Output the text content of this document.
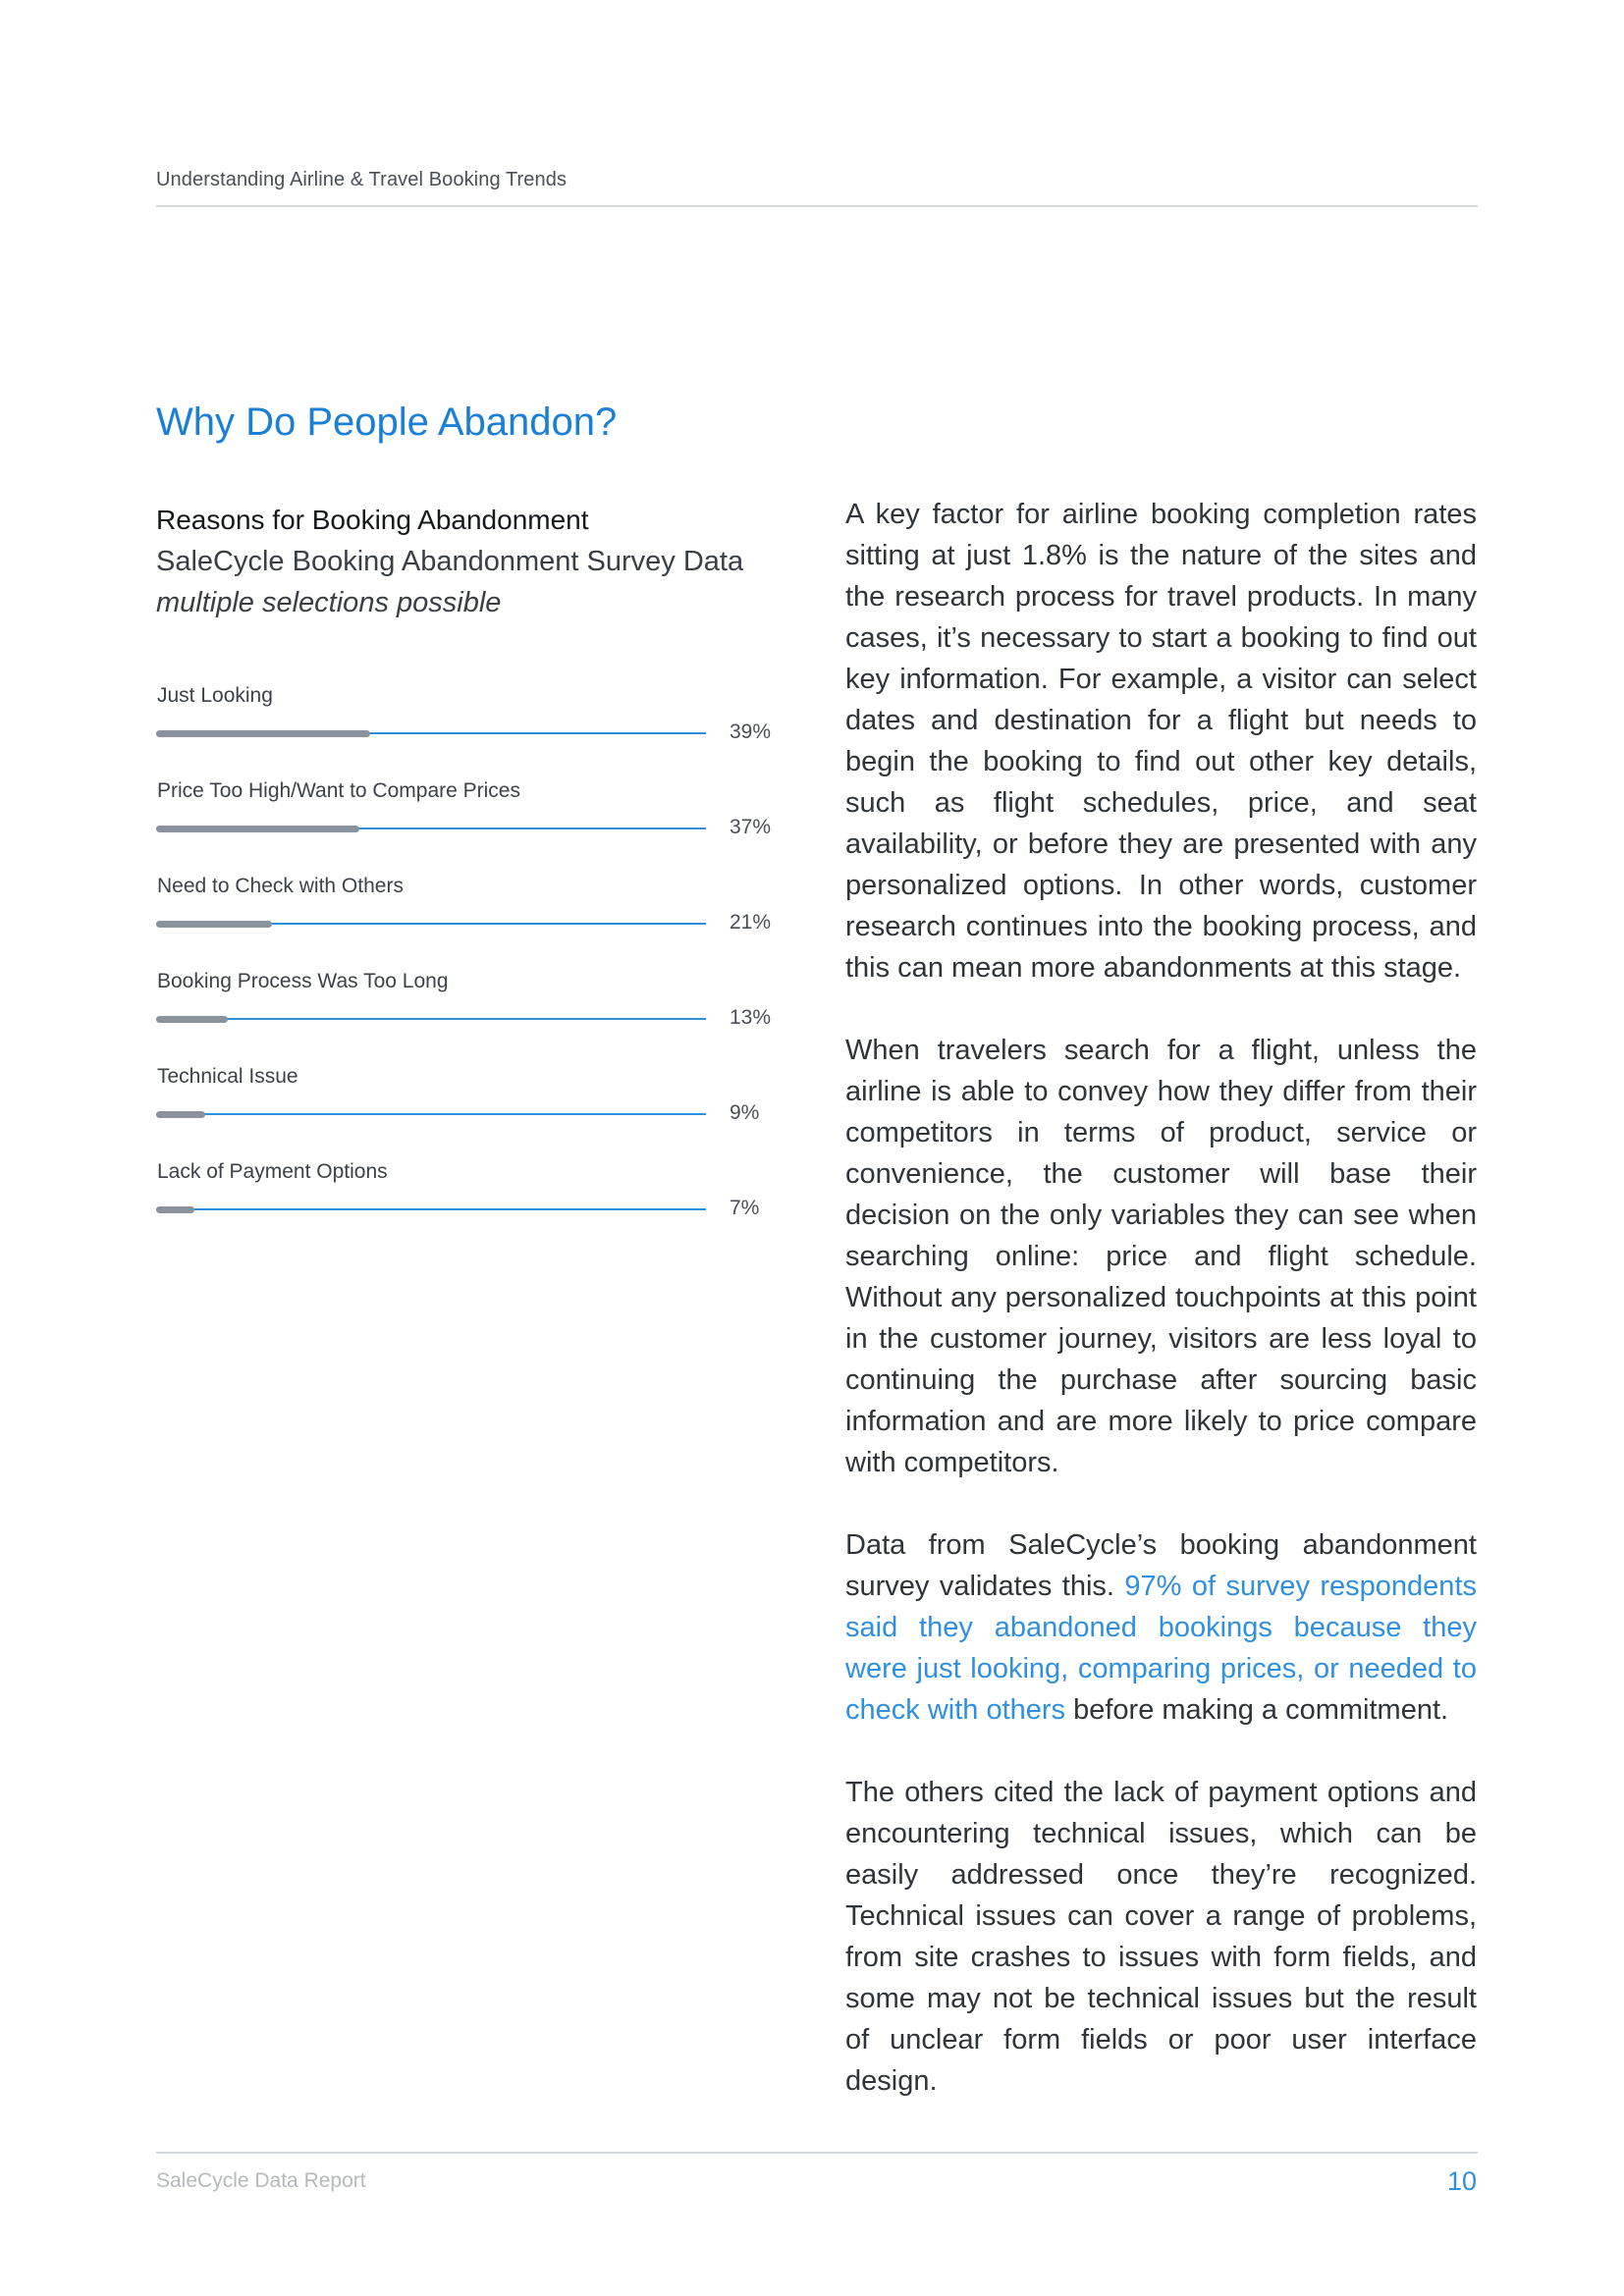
Understanding Airline & Travel Booking Trends
Why Do People Abandon?
Reasons for Booking Abandonment
SaleCycle Booking Abandonment Survey Data
multiple selections possible
Just Looking
39%
Price Too High/Want to Compare Prices
37%
Need to Check with Others
21%
Booking Process Was Too Long
13%
Technical Issue
9%
Lack of Payment Options
7%

A key factor for airline booking completion rates sitting at just 1.8% is the nature of the sites and the research process for travel products. In many cases, it’s necessary to start a booking to find out key information. For example, a visitor can select dates and destination for a flight but needs to begin the booking to find out other key details, such as flight schedules, price, and seat availability, or before they are presented with any personalized options. In other words, customer research continues into the booking process, and this can mean more abandonments at this stage.

When travelers search for a flight, unless the airline is able to convey how they differ from their competitors in terms of product, service or convenience, the customer will base their decision on the only variables they can see when searching online: price and flight schedule. Without any personalized touchpoints at this point in the customer journey, visitors are less loyal to continuing the purchase after sourcing basic information and are more likely to price compare with competitors.

Data from SaleCycle’s booking abandonment survey validates this. 97% of survey respondents said they abandoned bookings because they were just looking, comparing prices, or needed to check with others before making a commitment.

The others cited the lack of payment options and encountering technical issues, which can be easily addressed once they’re recognized. Technical issues can cover a range of problems, from site crashes to issues with form fields, and some may not be technical issues but the result of unclear form fields or poor user interface design.

SaleCycle Data Report	10
